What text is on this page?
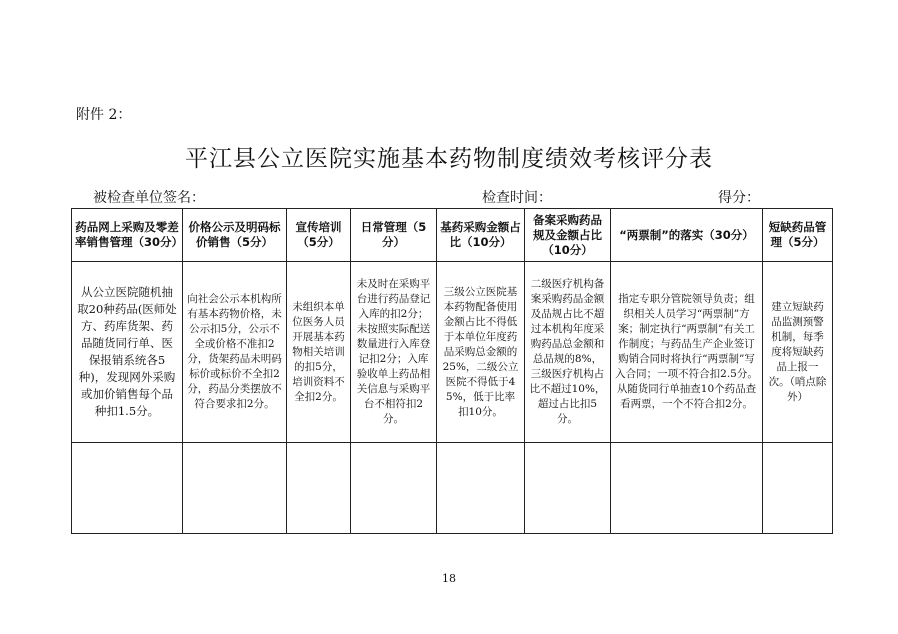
附件 2：
平江县公立医院实施基本药物制度绩效考核评分表
被检查单位签名：	检查时间：	得分：
药品网上采购及零差率销售管理（30分）	价格公示及明码标价销售（5分）	宣传培训（5分）	日常管理（5分）	基药采购金额占比（10分）	备案采购药品规及金额占比（10分）	“两票制”的落实（30分）	短缺药品管理（5分）
从公立医院随机抽取20种药品(医师处方、药库货架、药品随货同行单、医保报销系统各5种)，发现网外采购或加价销售每个品种扣1.5分。	向社会公示本机构所有基本药物价格，未公示扣5分，公示不全或价格不准扣2分，货架药品未明码标价或标价不全扣2分，药品分类摆放不符合要求扣2分。	未组织本单位医务人员开展基本药物相关培训的扣5分，培训资料不全扣2分。	未及时在采购平台进行药品登记入库的扣2分；未按照实际配送数量进行入库登记扣2分；入库验收单上药品相关信息与采购平台不相符扣2分。	三级公立医院基本药物配备使用金额占比不得低于本单位年度药品采购总金额的25%，二级公立医院不得低于45%，低于比率扣10分。	二级医疗机构备案采购药品金额及品规占比不超过本机构年度采购药品总金额和总品规的8%，三级医疗机构占比不超过10%，超过占比扣5分。	指定专职分管院领导负责；组织相关人员学习“两票制”方案；制定执行“两票制”有关工作制度；与药品生产企业签订购销合同时将执行“两票制”写入合同；一项不符合扣2.5分。从随货同行单抽查10个药品查看两票，一个不符合扣2分。	建立短缺药品监测预警机制，每季度将短缺药品上报一次。（哨点除外）

18
